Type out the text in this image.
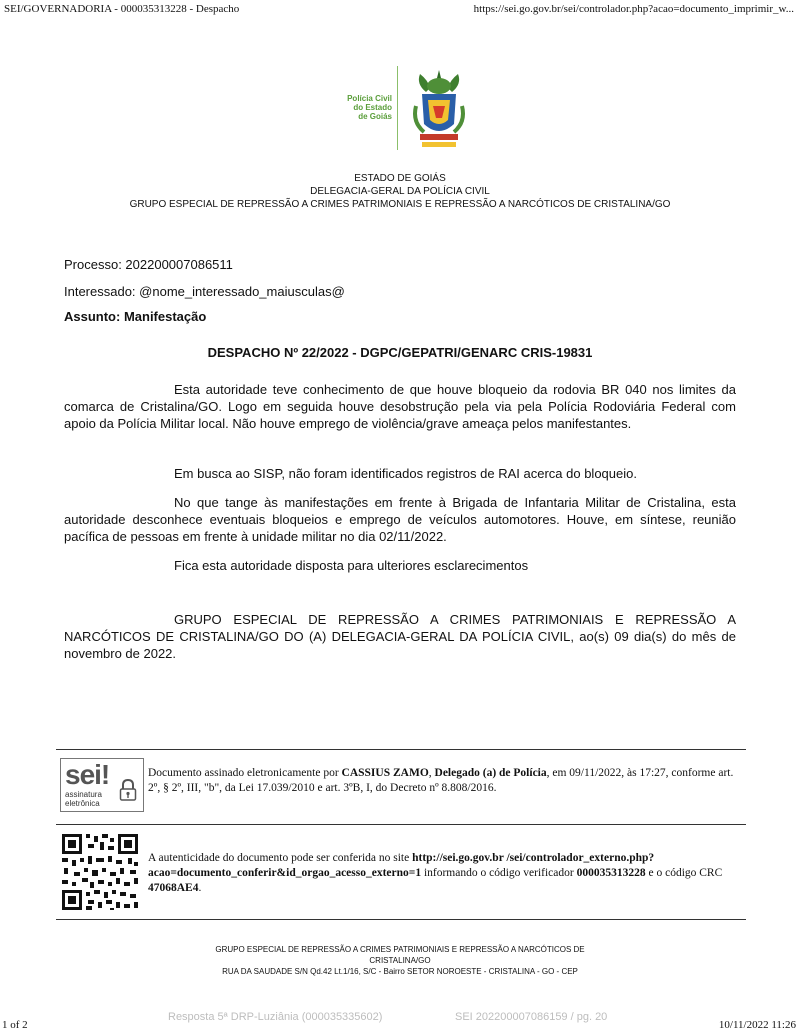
SEI/GOVERNADORIA - 000035313228 - Despacho	https://sei.go.gov.br/sei/controlador.php?acao=documento_imprimir_w...
Polícia Civil
do Estado
de Goiás
ESTADO DE GOIÁS
DELEGACIA-GERAL DA POLÍCIA CIVIL
GRUPO ESPECIAL DE REPRESSÃO A CRIMES PATRIMONIAIS E REPRESSÃO A NARCÓTICOS DE CRISTALINA/GO
Processo: 202200007086511
Interessado: @nome_interessado_maiusculas@
Assunto: Manifestação
DESPACHO Nº 22/2022 - DGPC/GEPATRI/GENARC CRIS-19831
Esta autoridade teve conhecimento de que houve bloqueio da rodovia BR 040 nos limites da comarca de Cristalina/GO. Logo em seguida houve desobstrução pela via pela Polícia Rodoviária Federal com apoio da Polícia Militar local. Não houve emprego de violência/grave ameaça pelos manifestantes.
Em busca ao SISP, não foram identificados registros de RAI acerca do bloqueio.
No que tange às manifestações em frente à Brigada de Infantaria Militar de Cristalina, esta autoridade desconhece eventuais bloqueios e emprego de veículos automotores. Houve, em síntese, reunião pacífica de pessoas em frente à unidade militar no dia 02/11/2022.
Fica esta autoridade disposta para ulteriores esclarecimentos
GRUPO ESPECIAL DE REPRESSÃO A CRIMES PATRIMONIAIS E REPRESSÃO A NARCÓTICOS DE CRISTALINA/GO DO (A) DELEGACIA-GERAL DA POLÍCIA CIVIL, ao(s) 09 dia(s) do mês de novembro de 2022.
sei!
assinatura
eletrônica
Documento assinado eletronicamente por CASSIUS ZAMO, Delegado (a) de Polícia, em 09/11/2022, às 17:27, conforme art. 2º, § 2º, III, "b", da Lei 17.039/2010 e art. 3ºB, I, do Decreto nº 8.808/2016.
A autenticidade do documento pode ser conferida no site http://sei.go.gov.br /sei/controlador_externo.php?acao=documento_conferir&id_orgao_acesso_externo=1 informando o código verificador 000035313228 e o código CRC 47068AE4.
GRUPO ESPECIAL DE REPRESSÃO A CRIMES PATRIMONIAIS E REPRESSÃO A NARCÓTICOS DE
CRISTALINA/GO
RUA DA SAUDADE S/N Qd.42 Lt.1/16, S/C - Bairro SETOR NOROESTE - CRISTALINA - GO - CEP
Resposta 5ª DRP-Luziânia (000035335602)	SEI 202200007086159 / pg. 20
1 of 2	10/11/2022 11:26
